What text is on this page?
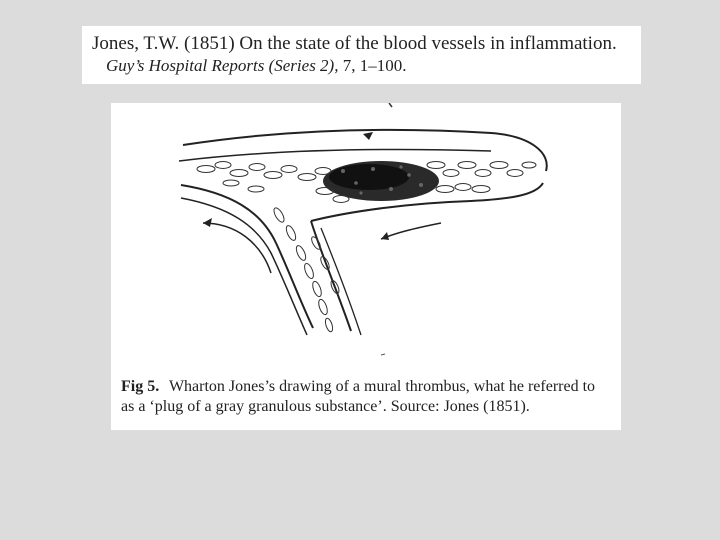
Jones, T.W. (1851) On the state of the blood vessels in inflammation.
Guy’s Hospital Reports (Series 2), 7, 1–100.
Fig 5. Wharton Jones’s drawing of a mural thrombus, what he referred to as a ‘plug of a gray granulous substance’. Source: Jones (1851).
